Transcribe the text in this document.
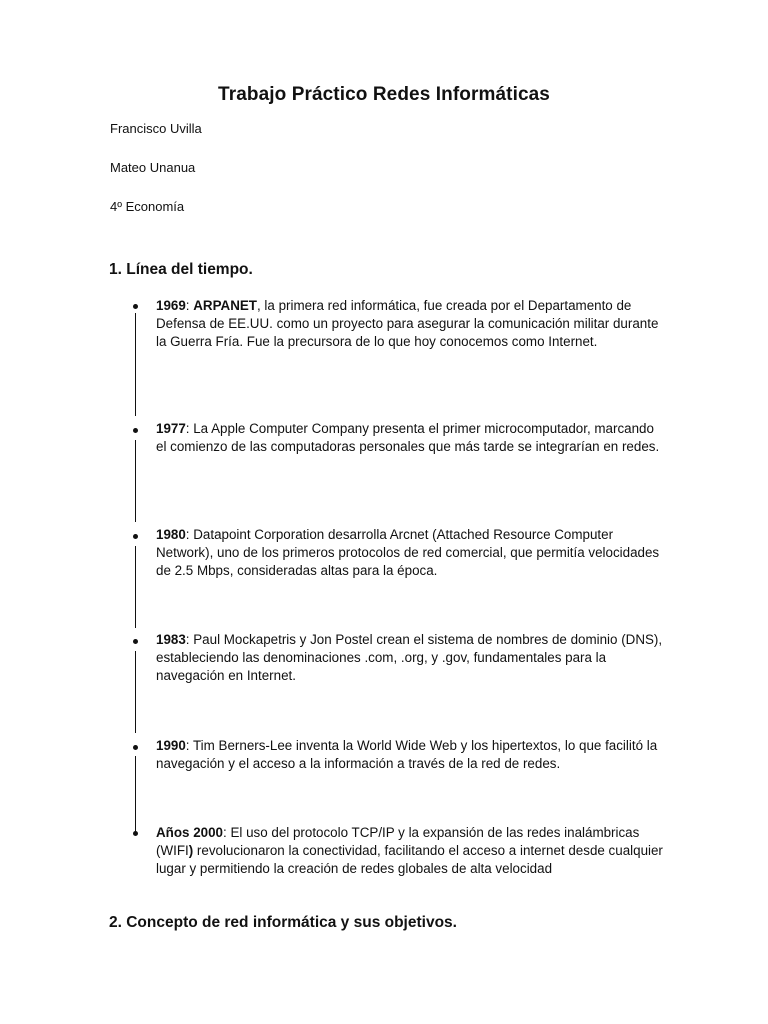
Trabajo Práctico Redes Informáticas
Francisco Uvilla
Mateo Unanua
4º Economía
1. Línea del tiempo.
1969: ARPANET, la primera red informática, fue creada por el Departamento de Defensa de EE.UU. como un proyecto para asegurar la comunicación militar durante la Guerra Fría. Fue la precursora de lo que hoy conocemos como Internet.
1977: La Apple Computer Company presenta el primer microcomputador, marcando el comienzo de las computadoras personales que más tarde se integrarían en redes.
1980: Datapoint Corporation desarrolla Arcnet (Attached Resource Computer Network), uno de los primeros protocolos de red comercial, que permitía velocidades de 2.5 Mbps, consideradas altas para la época.
1983: Paul Mockapetris y Jon Postel crean el sistema de nombres de dominio (DNS), estableciendo las denominaciones .com, .org, y .gov, fundamentales para la navegación en Internet.
1990: Tim Berners-Lee inventa la World Wide Web y los hipertextos, lo que facilitó la navegación y el acceso a la información a través de la red de redes.
Años 2000: El uso del protocolo TCP/IP y la expansión de las redes inalámbricas (WIFI) revolucionaron la conectividad, facilitando el acceso a internet desde cualquier lugar y permitiendo la creación de redes globales de alta velocidad
2. Concepto de red informática y sus objetivos.
